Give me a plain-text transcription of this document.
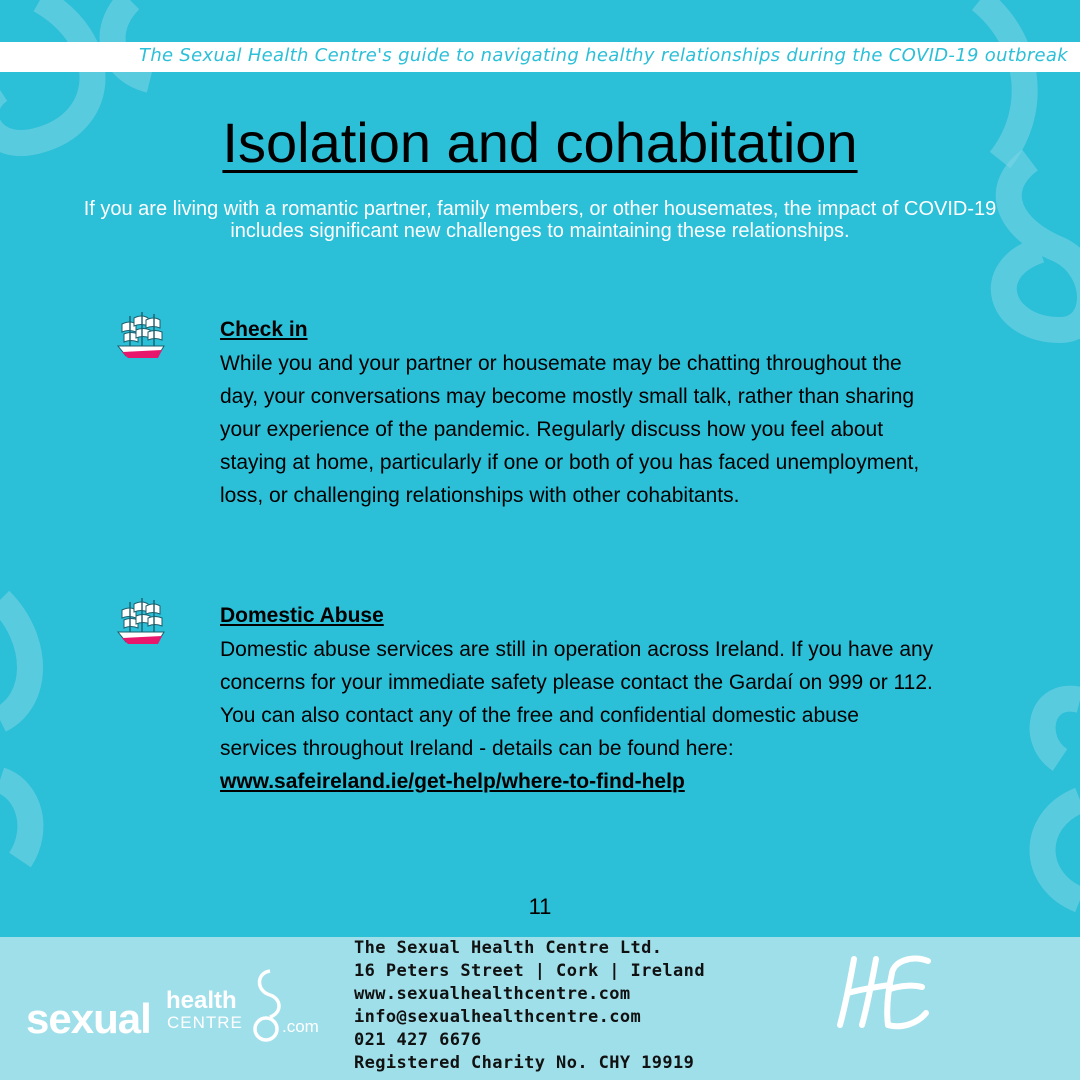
The Sexual Health Centre's guide to navigating healthy relationships during the COVID-19 outbreak
Isolation and cohabitation
If you are living with a romantic partner, family members, or other housemates, the impact of COVID-19 includes significant new challenges to maintaining these relationships.
Check in
While you and your partner or housemate may be chatting throughout the day, your conversations may become mostly small talk, rather than sharing your experience of the pandemic. Regularly discuss how you feel about staying at home, particularly if one or both of you has faced unemployment, loss, or challenging relationships with other cohabitants.
Domestic Abuse
Domestic abuse services are still in operation across Ireland. If you have any concerns for your immediate safety please contact the Gardaí on 999 or 112. You can also contact any of the free and confidential domestic abuse services throughout Ireland - details can be found here:
www.safeireland.ie/get-help/where-to-find-help
11
sexual health
CENTRE .com
The Sexual Health Centre Ltd.
16 Peters Street | Cork | Ireland
www.sexualhealthcentre.com
info@sexualhealthcentre.com
021 427 6676
Registered Charity No. CHY 19919
